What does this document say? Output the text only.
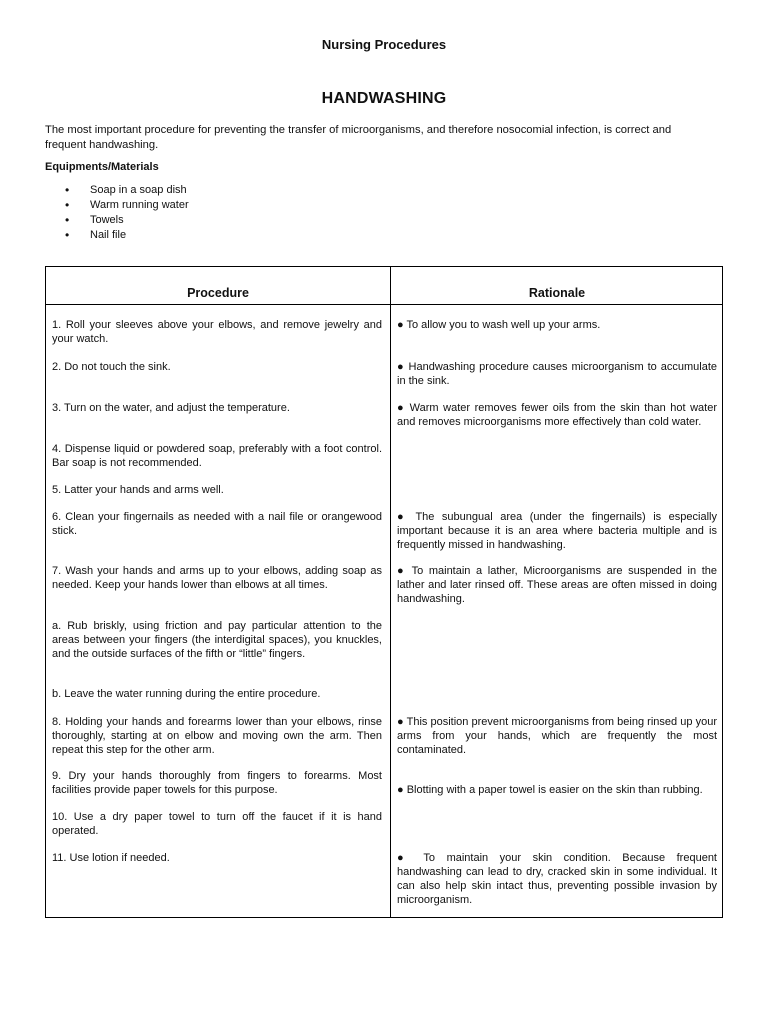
Nursing Procedures
HANDWASHING
The most important procedure for preventing the transfer of microorganisms, and therefore nosocomial infection, is correct and frequent handwashing.
Equipments/Materials
• Soap in a soap dish
• Warm running water
• Towels
• Nail file
Procedure	Rationale
1. Roll your sleeves above your elbows, and remove jewelry and your watch.
2. Do not touch the sink.
3. Turn on the water, and adjust the temperature.
4. Dispense liquid or powdered soap, preferably with a foot control. Bar soap is not recommended.
5. Latter your hands and arms well.
6. Clean your fingernails as needed with a nail file or orangewood stick.
7. Wash your hands and arms up to your elbows, adding soap as needed. Keep your hands lower than elbows at all times.
a. Rub briskly, using friction and pay particular attention to the areas between your fingers (the interdigital spaces), you knuckles, and the outside surfaces of the fifth or “little” fingers.
b. Leave the water running during the entire procedure.
8. Holding your hands and forearms lower than your elbows, rinse thoroughly, starting at on elbow and moving own the arm. Then repeat this step for the other arm.
9. Dry your hands thoroughly from fingers to forearms. Most facilities provide paper towels for this purpose.
10. Use a dry paper towel to turn off the faucet if it is hand operated.
11. Use lotion if needed.
● To allow you to wash well up your arms.
● Handwashing procedure causes microorganism to accumulate in the sink.
● Warm water removes fewer oils from the skin than hot water and removes microorganisms more effectively than cold water.
● The subungual area (under the fingernails) is especially important because it is an area where bacteria multiple and is frequently missed in handwashing.
● To maintain a lather, Microorganisms are suspended in the lather and later rinsed off. These areas are often missed in doing handwashing.
● This position prevent microorganisms from being rinsed up your arms from your hands, which are frequently the most contaminated.
● Blotting with a paper towel is easier on the skin than rubbing.
● To maintain your skin condition. Because frequent handwashing can lead to dry, cracked skin in some individual. It can also help skin intact thus, preventing possible invasion by microorganism.
